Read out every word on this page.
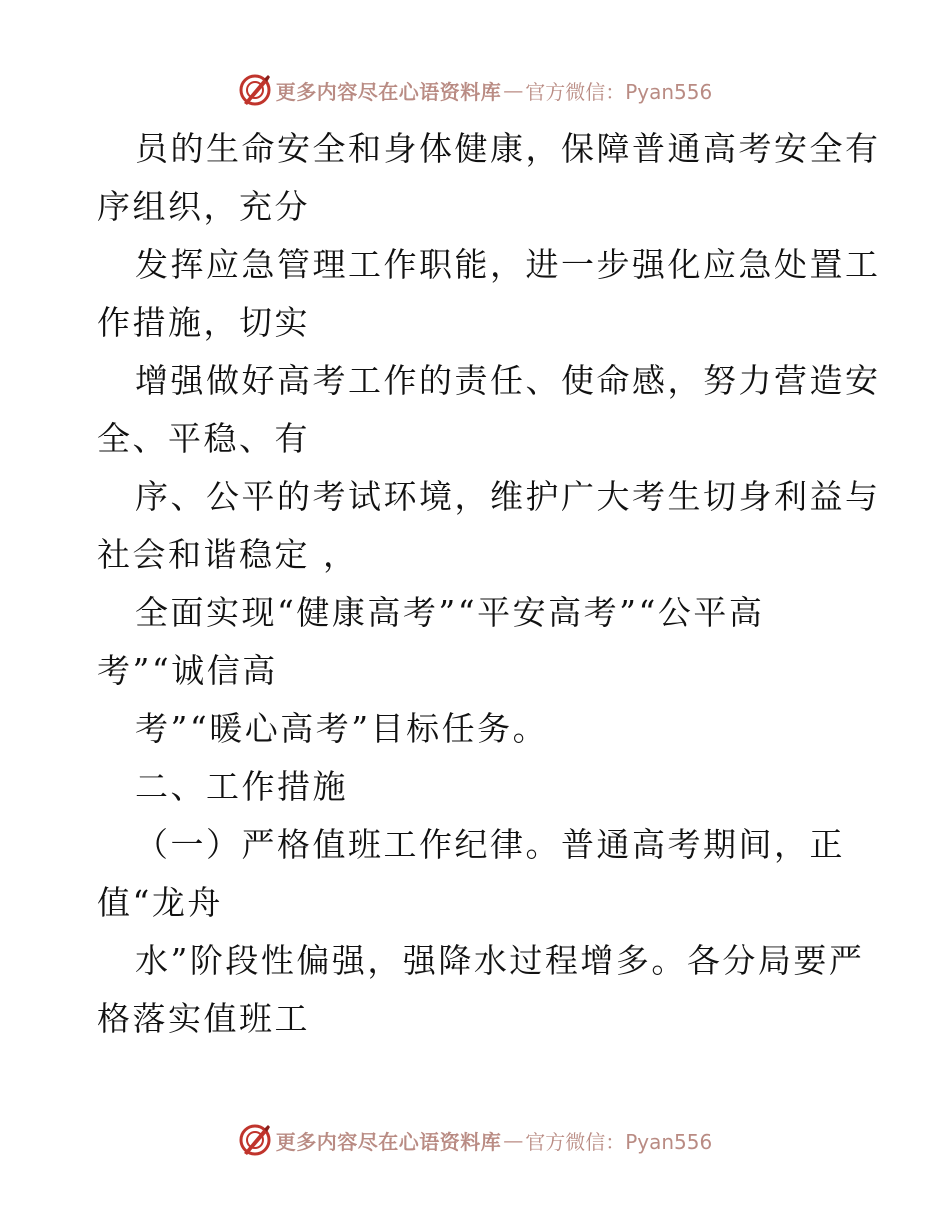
更多内容尽在心语资料库 — 官方微信：Pyan556
员的生命安全和身体健康，保障普通高考安全有
序组织，充分
发挥应急管理工作职能，进一步强化应急处置工
作措施，切实
增强做好高考工作的责任、使命感，努力营造安
全、平稳、有
序、公平的考试环境，维护广大考生切身利益与
社会和谐稳定 ，
全面实现“健康高考”“平安高考”“公平高
考”“诚信高
考”“暖心高考”目标任务。
二、工作措施
（一）严格值班工作纪律。普通高考期间，正
值“龙舟
水”阶段性偏强，强降水过程增多。各分局要严
格落实值班工
更多内容尽在心语资料库 — 官方微信：Pyan556
